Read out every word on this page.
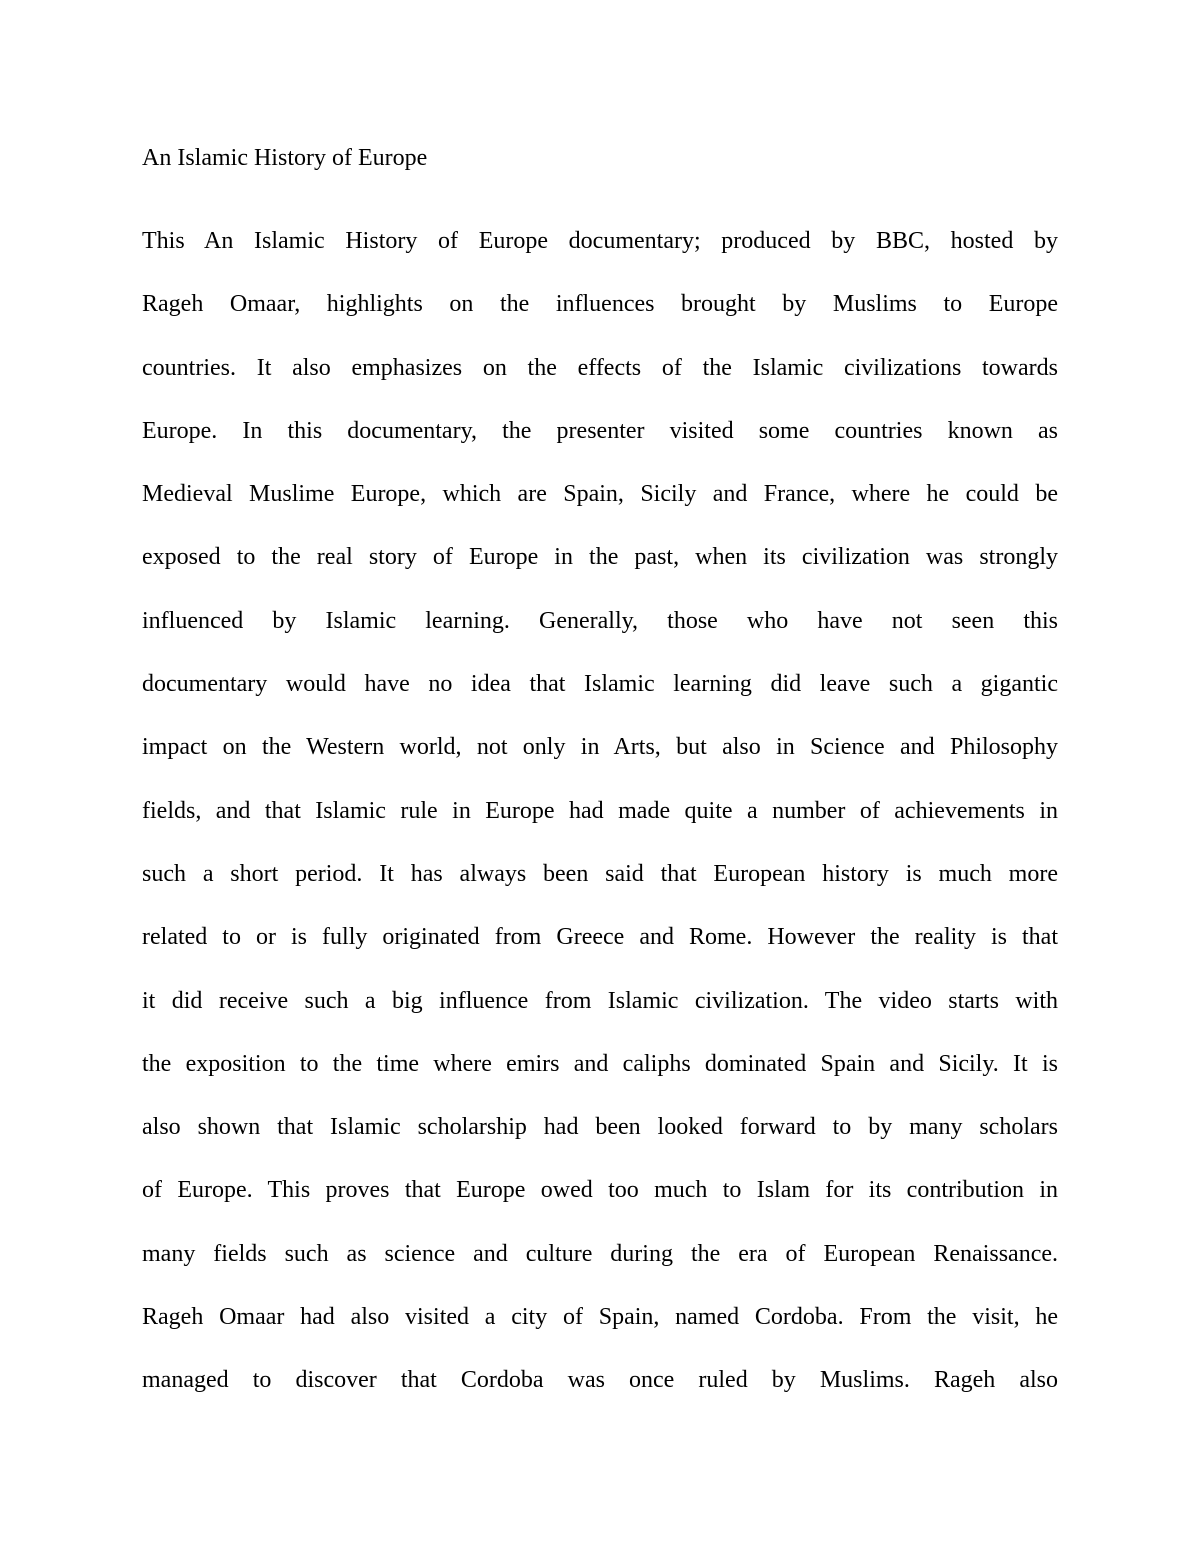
An Islamic History of Europe
This An Islamic History of Europe documentary; produced by BBC, hosted by
Rageh Omaar, highlights on the influences brought by Muslims to Europe
countries. It also emphasizes on the effects of the Islamic civilizations towards
Europe. In this documentary, the presenter visited some countries known as
Medieval Muslime Europe, which are Spain, Sicily and France, where he could be
exposed to the real story of Europe in the past, when its civilization was strongly
influenced by Islamic learning. Generally, those who have not seen this
documentary would have no idea that Islamic learning did leave such a gigantic
impact on the Western world, not only in Arts, but also in Science and Philosophy
fields, and that Islamic rule in Europe had made quite a number of achievements in
such a short period. It has always been said that European history is much more
related to or is fully originated from Greece and Rome. However the reality is that
it did receive such a big influence from Islamic civilization. The video starts with
the exposition to the time where emirs and caliphs dominated Spain and Sicily. It is
also shown that Islamic scholarship had been looked forward to by many scholars
of Europe. This proves that Europe owed too much to Islam for its contribution in
many fields such as science and culture during the era of European Renaissance.
Rageh Omaar had also visited a city of Spain, named Cordoba. From the visit, he
managed to discover that Cordoba was once ruled by Muslims. Rageh also
